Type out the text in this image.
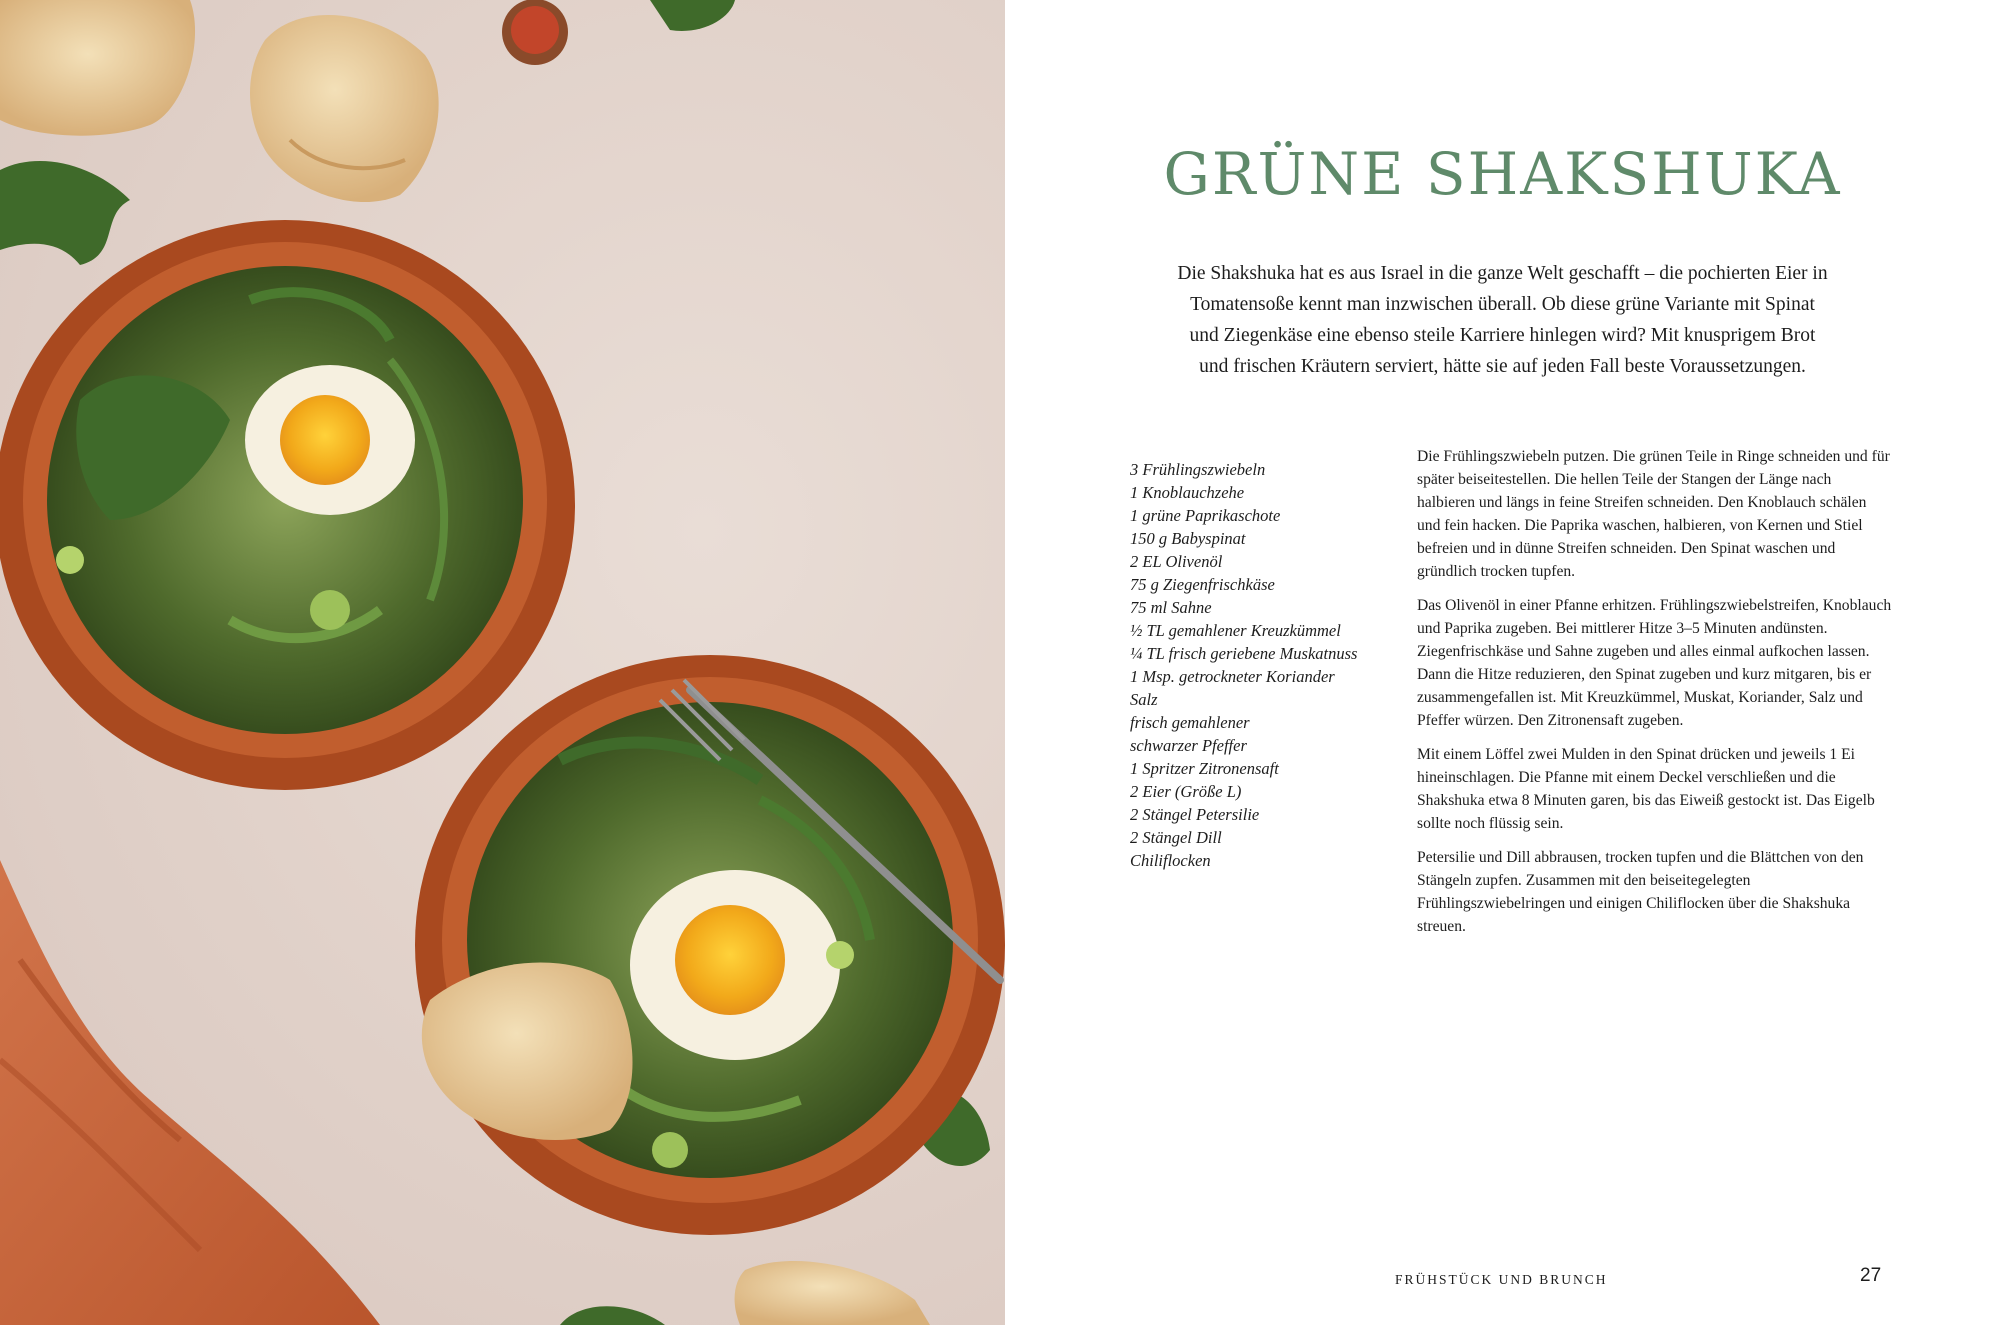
GRÜNE SHAKSHUKA

Die Shakshuka hat es aus Israel in die ganze Welt geschafft – die pochierten Eier in Tomatensoße kennt man inzwischen überall. Ob diese grüne Variante mit Spinat und Ziegenkäse eine ebenso steile Karriere hinlegen wird? Mit knusprigem Brot und frischen Kräutern serviert, hätte sie auf jeden Fall beste Voraussetzungen.

3 Frühlingszwiebeln
1 Knoblauchzehe
1 grüne Paprikaschote
150 g Babyspinat
2 EL Olivenöl
75 g Ziegenfrischkäse
75 ml Sahne
½ TL gemahlener Kreuzkümmel
¼ TL frisch geriebene Muskatnuss
1 Msp. getrockneter Koriander
Salz
frisch gemahlener
schwarzer Pfeffer
1 Spritzer Zitronensaft
2 Eier (Größe L)
2 Stängel Petersilie
2 Stängel Dill
Chiliflocken

Die Frühlingszwiebeln putzen. Die grünen Teile in Ringe schneiden und für später beiseitestellen. Die hellen Teile der Stangen der Länge nach halbieren und längs in feine Streifen schneiden. Den Knoblauch schälen und fein hacken. Die Paprika waschen, halbieren, von Kernen und Stiel befreien und in dünne Streifen schneiden. Den Spinat waschen und gründlich trocken tupfen.

Das Olivenöl in einer Pfanne erhitzen. Frühlingszwiebelstreifen, Knoblauch und Paprika zugeben. Bei mittlerer Hitze 3–5 Minuten andünsten. Ziegenfrischkäse und Sahne zugeben und alles einmal aufkochen lassen. Dann die Hitze reduzieren, den Spinat zugeben und kurz mitgaren, bis er zusammengefallen ist. Mit Kreuzkümmel, Muskat, Koriander, Salz und Pfeffer würzen. Den Zitronensaft zugeben.

Mit einem Löffel zwei Mulden in den Spinat drücken und jeweils 1 Ei hineinschlagen. Die Pfanne mit einem Deckel verschließen und die Shakshuka etwa 8 Minuten garen, bis das Eiweiß gestockt ist. Das Eigelb sollte noch flüssig sein.

Petersilie und Dill abbrausen, trocken tupfen und die Blättchen von den Stängeln zupfen. Zusammen mit den beiseitegelegten Frühlingszwiebelringen und einigen Chiliflocken über die Shakshuka streuen.

FRÜHSTÜCK UND BRUNCH	27
